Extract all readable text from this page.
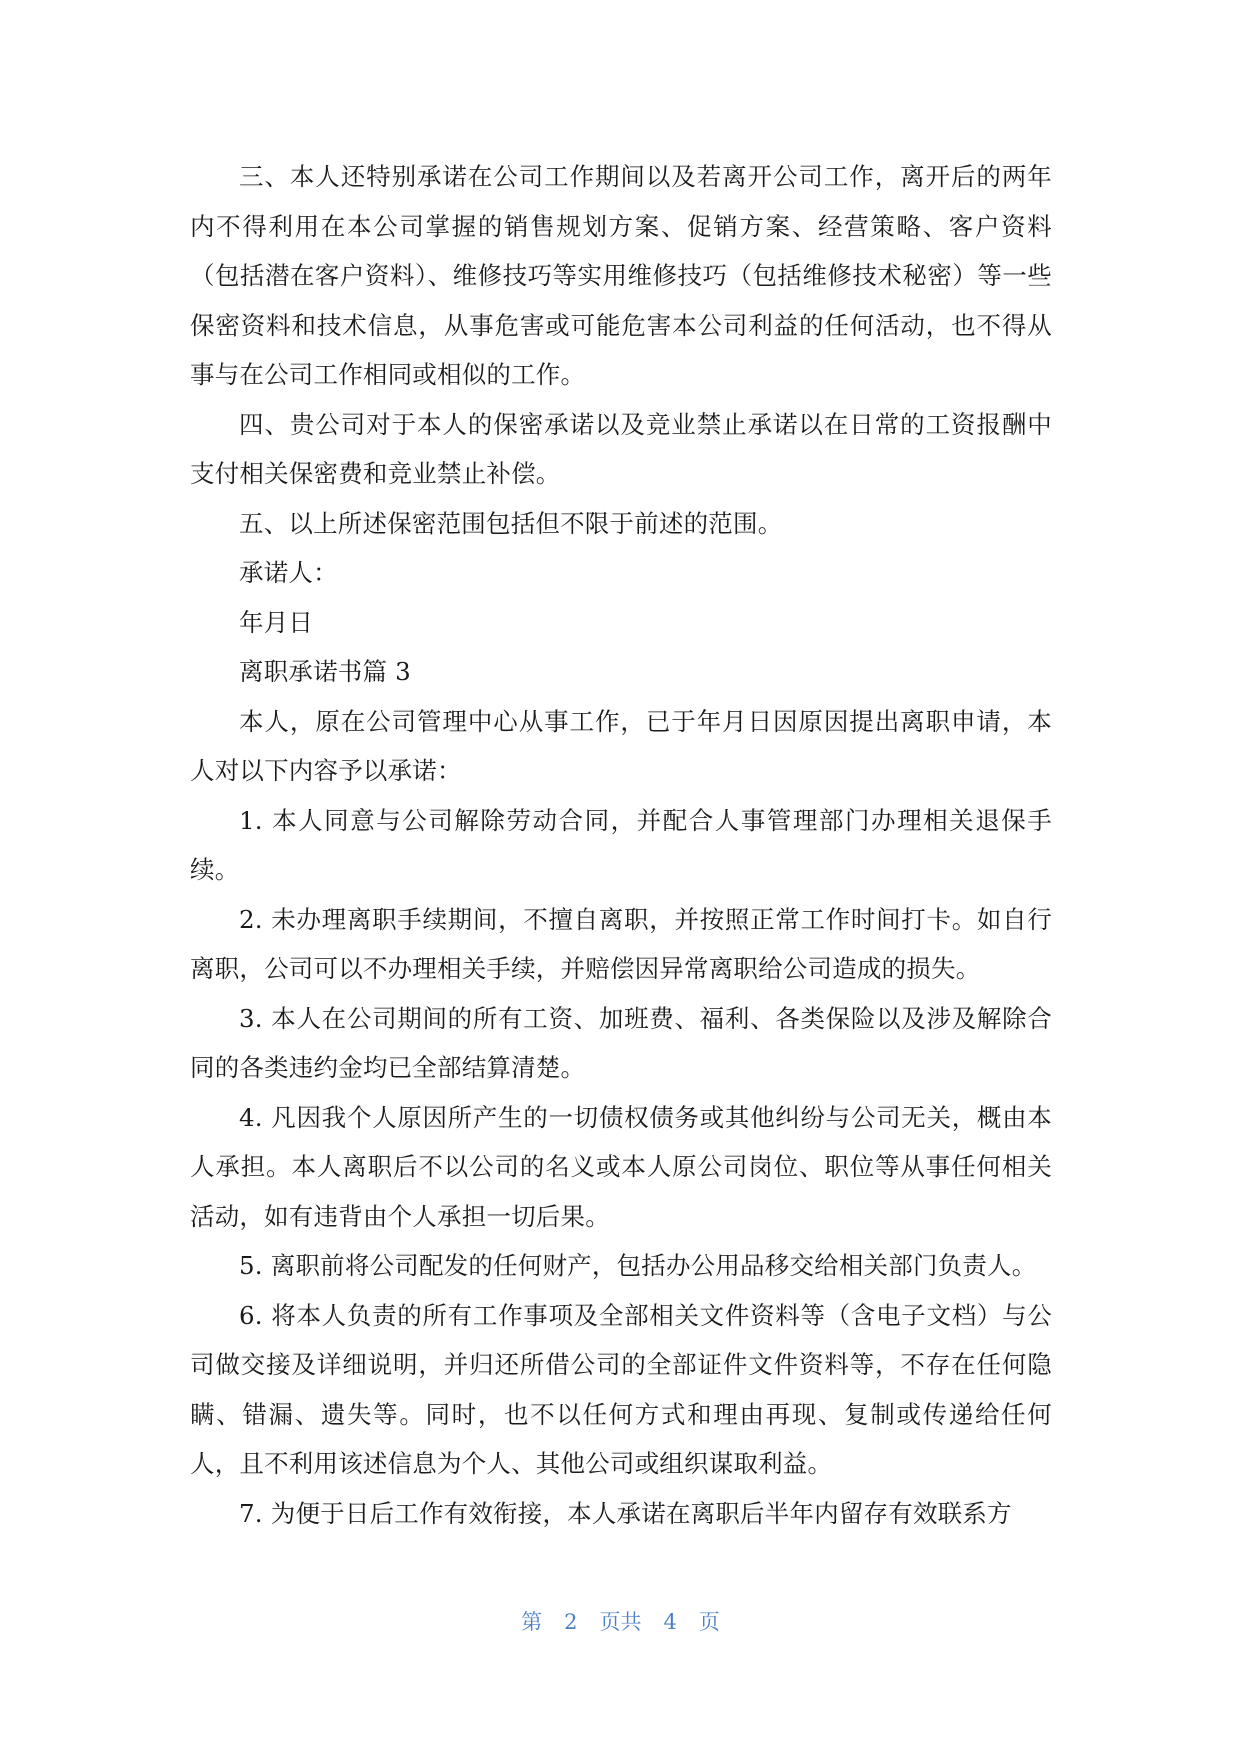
三、本人还特别承诺在公司工作期间以及若离开公司工作，离开后的两年内不得利用在本公司掌握的销售规划方案、促销方案、经营策略、客户资料（包括潜在客户资料）、维修技巧等实用维修技巧（包括维修技术秘密）等一些保密资料和技术信息，从事危害或可能危害本公司利益的任何活动，也不得从事与在公司工作相同或相似的工作。

四、贵公司对于本人的保密承诺以及竞业禁止承诺以在日常的工资报酬中支付相关保密费和竞业禁止补偿。

五、以上所述保密范围包括但不限于前述的范围。

承诺人：

年月日

离职承诺书篇 3

本人，原在公司管理中心从事工作，已于年月日因原因提出离职申请，本人对以下内容予以承诺：

1. 本人同意与公司解除劳动合同，并配合人事管理部门办理相关退保手续。

2. 未办理离职手续期间，不擅自离职，并按照正常工作时间打卡。如自行离职，公司可以不办理相关手续，并赔偿因异常离职给公司造成的损失。

3. 本人在公司期间的所有工资、加班费、福利、各类保险以及涉及解除合同的各类违约金均已全部结算清楚。

4. 凡因我个人原因所产生的一切债权债务或其他纠纷与公司无关，概由本人承担。本人离职后不以公司的名义或本人原公司岗位、职位等从事任何相关活动，如有违背由个人承担一切后果。

5. 离职前将公司配发的任何财产，包括办公用品移交给相关部门负责人。

6. 将本人负责的所有工作事项及全部相关文件资料等（含电子文档）与公司做交接及详细说明，并归还所借公司的全部证件文件资料等，不存在任何隐瞒、错漏、遗失等。同时，也不以任何方式和理由再现、复制或传递给任何人，且不利用该述信息为个人、其他公司或组织谋取利益。

7. 为便于日后工作有效衔接，本人承诺在离职后半年内留存有效联系方

第 2 页共 4 页
